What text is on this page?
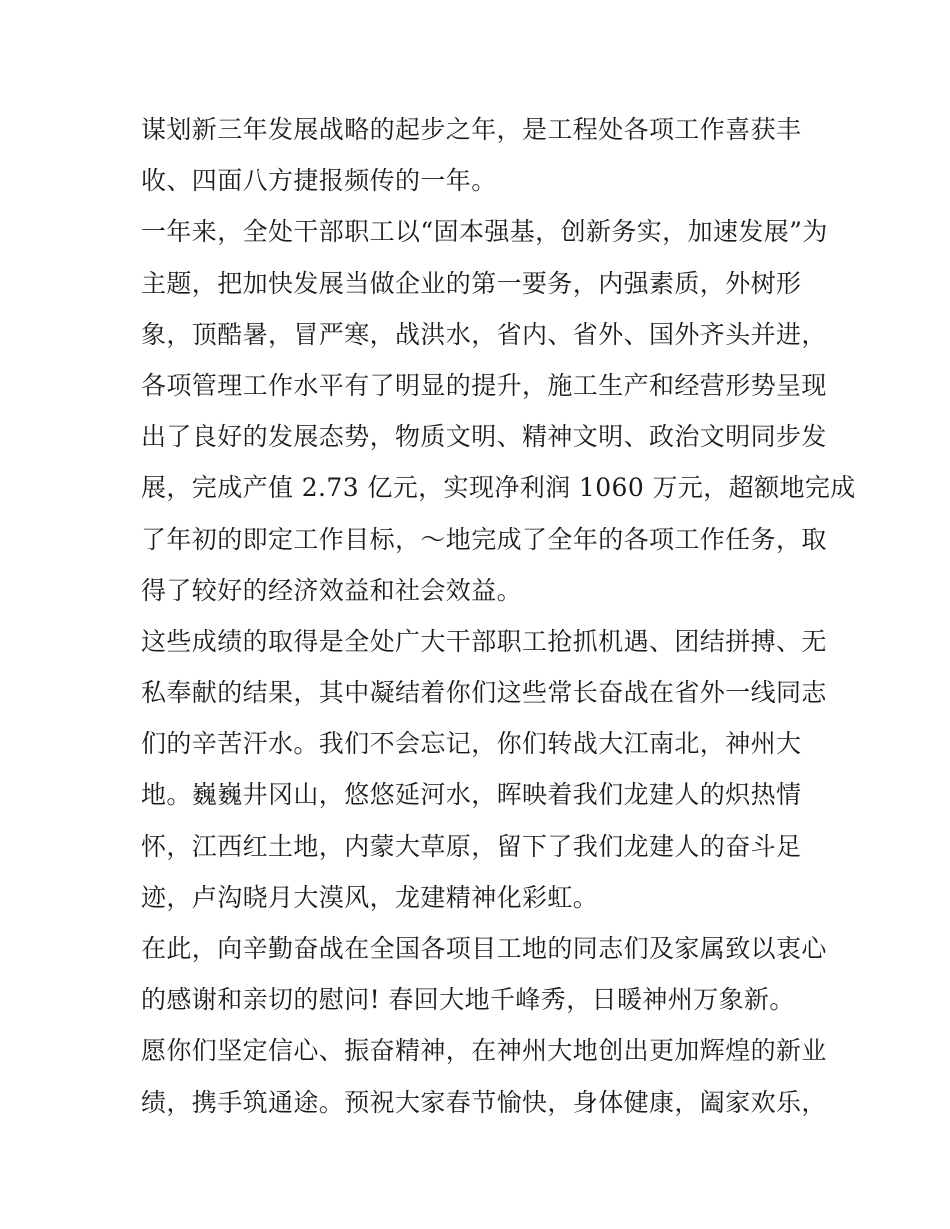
谋划新三年发展战略的起步之年，是工程处各项工作喜获丰
收、四面八方捷报频传的一年。
一年来，全处干部职工以“固本强基，创新务实，加速发展”为
主题，把加快发展当做企业的第一要务，内强素质，外树形
象，顶酷暑，冒严寒，战洪水，省内、省外、国外齐头并进，
各项管理工作水平有了明显的提升，施工生产和经营形势呈现
出了良好的发展态势，物质文明、精神文明、政治文明同步发
展，完成产值 2.73 亿元，实现净利润 1060 万元，超额地完成
了年初的即定工作目标，～地完成了全年的各项工作任务，取
得了较好的经济效益和社会效益。
这些成绩的取得是全处广大干部职工抢抓机遇、团结拼搏、无
私奉献的结果，其中凝结着你们这些常长奋战在省外一线同志
们的辛苦汗水。我们不会忘记，你们转战大江南北，神州大
地。巍巍井冈山，悠悠延河水，晖映着我们龙建人的炽热情
怀，江西红土地，内蒙大草原，留下了我们龙建人的奋斗足
迹，卢沟晓月大漠风，龙建精神化彩虹。
在此，向辛勤奋战在全国各项目工地的同志们及家属致以衷心
的感谢和亲切的慰问! 春回大地千峰秀，日暖神州万象新。
愿你们坚定信心、振奋精神，在神州大地创出更加辉煌的新业
绩，携手筑通途。预祝大家春节愉快，身体健康，阖家欢乐，
